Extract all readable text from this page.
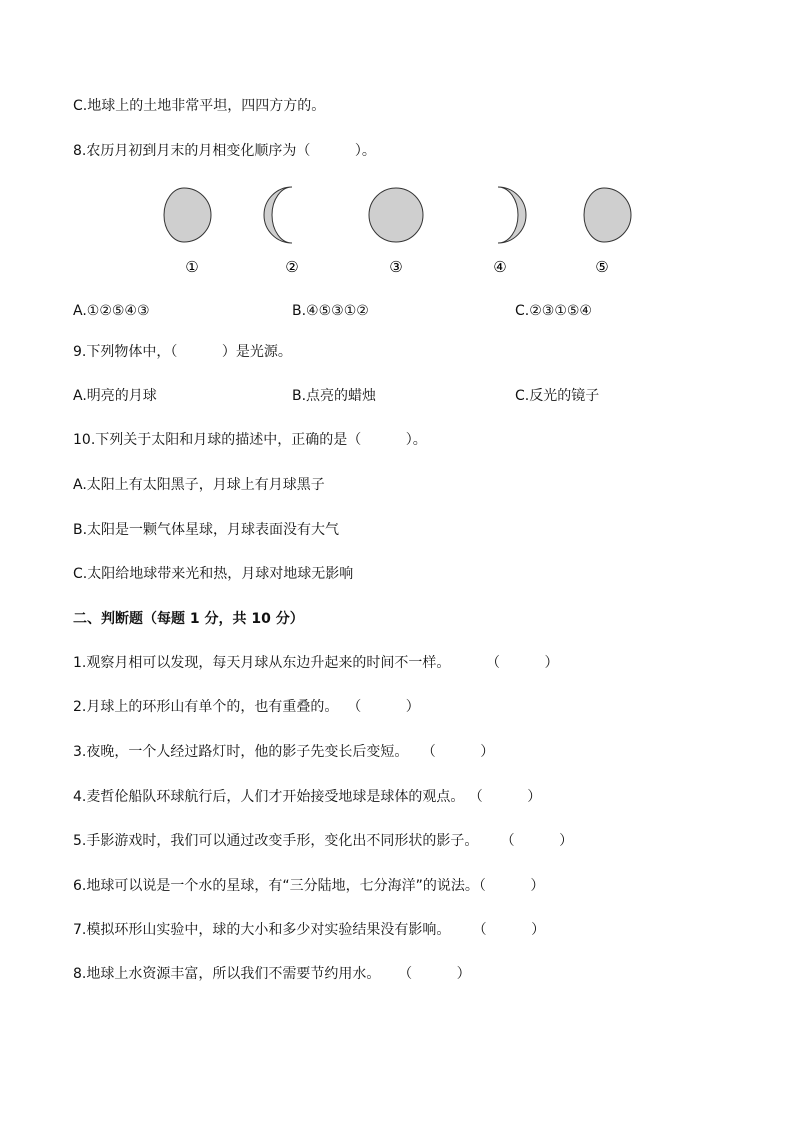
C.地球上的土地非常平坦，四四方方的。

8.农历月初到月末的月相变化顺序为（          ）。

①	②	③	④	⑤
A.①②⑤④③	B.④⑤③①②	C.②③①⑤④

9.下列物体中，（          ）是光源。

A.明亮的月球	B.点亮的蜡烛	C.反光的镜子

10.下列关于太阳和月球的描述中，正确的是（          ）。

A.太阳上有太阳黑子，月球上有月球黑子

B.太阳是一颗气体星球，月球表面没有大气

C.太阳给地球带来光和热，月球对地球无影响

二、判断题（每题 1 分，共 10 分）

1.观察月相可以发现，每天月球从东边升起来的时间不一样。        （          ）

2.月球上的环形山有单个的，也有重叠的。  （          ）

3.夜晚，一个人经过路灯时，他的影子先变长后变短。   （          ）

4.麦哲伦船队环球航行后，人们才开始接受地球是球体的观点。 （          ）

5.手影游戏时，我们可以通过改变手形，变化出不同形状的影子。     （          ）

6.地球可以说是一个水的星球，有“三分陆地，七分海洋”的说法。（          ）

7.模拟环形山实验中，球的大小和多少对实验结果没有影响。     （          ）

8.地球上水资源丰富，所以我们不需要节约用水。    （          ）
